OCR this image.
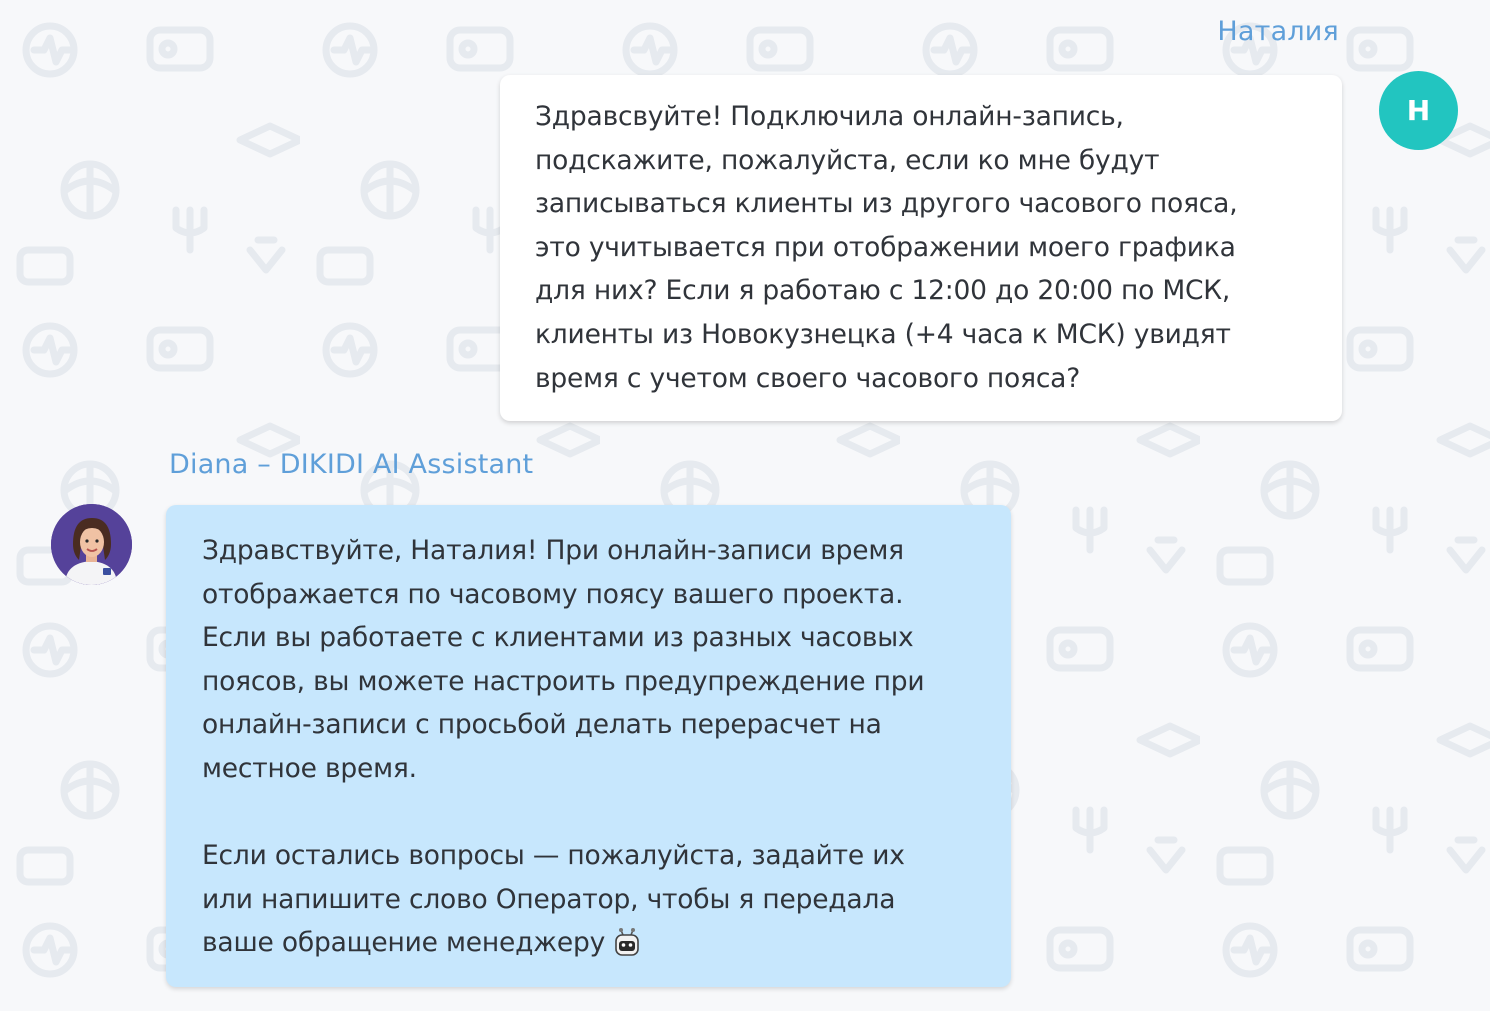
Наталия
Н
Здравсвуйте! Подключила онлайн-запись,
подскажите, пожалуйста, если ко мне будут
записываться клиенты из другого часового пояса,
это учитывается при отображении моего графика
для них? Если я работаю с 12:00 до 20:00 по МСК,
клиенты из Новокузнецка (+4 часа к МСК) увидят
время с учетом своего часового пояса?
Diana – DIKIDI AI Assistant
Здравствуйте, Наталия! При онлайн-записи время
отображается по часовому поясу вашего проекта.
Если вы работаете с клиентами из разных часовых
поясов, вы можете настроить предупреждение при
онлайн-записи с просьбой делать перерасчет на
местное время.
Если остались вопросы — пожалуйста, задайте их
или напишите слово Оператор, чтобы я передала
ваше обращение менеджеру
